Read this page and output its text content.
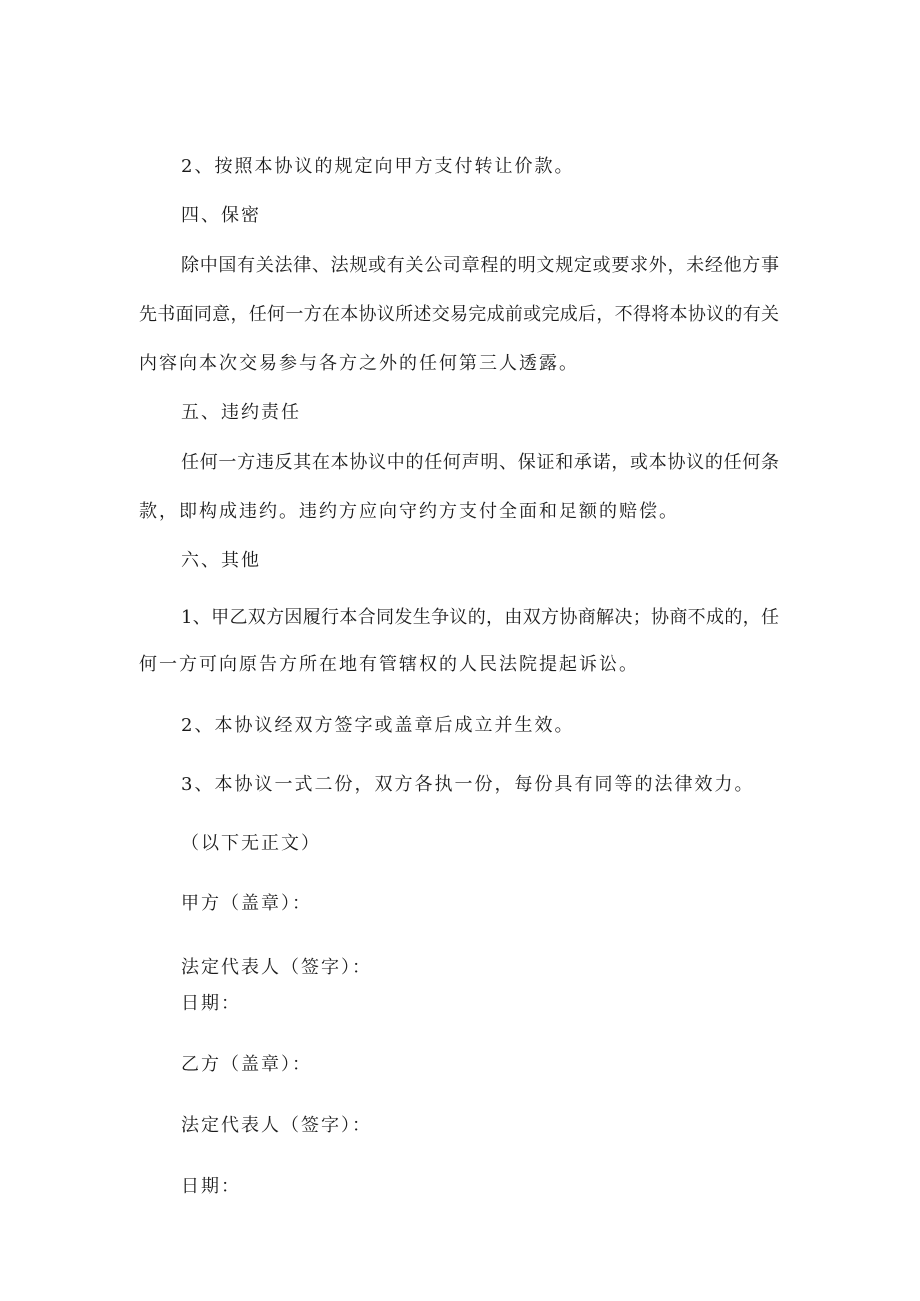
2、按照本协议的规定向甲方支付转让价款。

四、保密

除中国有关法律、法规或有关公司章程的明文规定或要求外，未经他方事

先书面同意，任何一方在本协议所述交易完成前或完成后，不得将本协议的有关

内容向本次交易参与各方之外的任何第三人透露。

五、违约责任

任何一方违反其在本协议中的任何声明、保证和承诺，或本协议的任何条

款，即构成违约。违约方应向守约方支付全面和足额的赔偿。

六、其他

1、甲乙双方因履行本合同发生争议的，由双方协商解决；协商不成的，任

何一方可向原告方所在地有管辖权的人民法院提起诉讼。

2、本协议经双方签字或盖章后成立并生效。

3、本协议一式二份，双方各执一份，每份具有同等的法律效力。

（以下无正文）

甲方（盖章）：

法定代表人（签字）：

日期：

乙方（盖章）：

法定代表人（签字）：

日期：
